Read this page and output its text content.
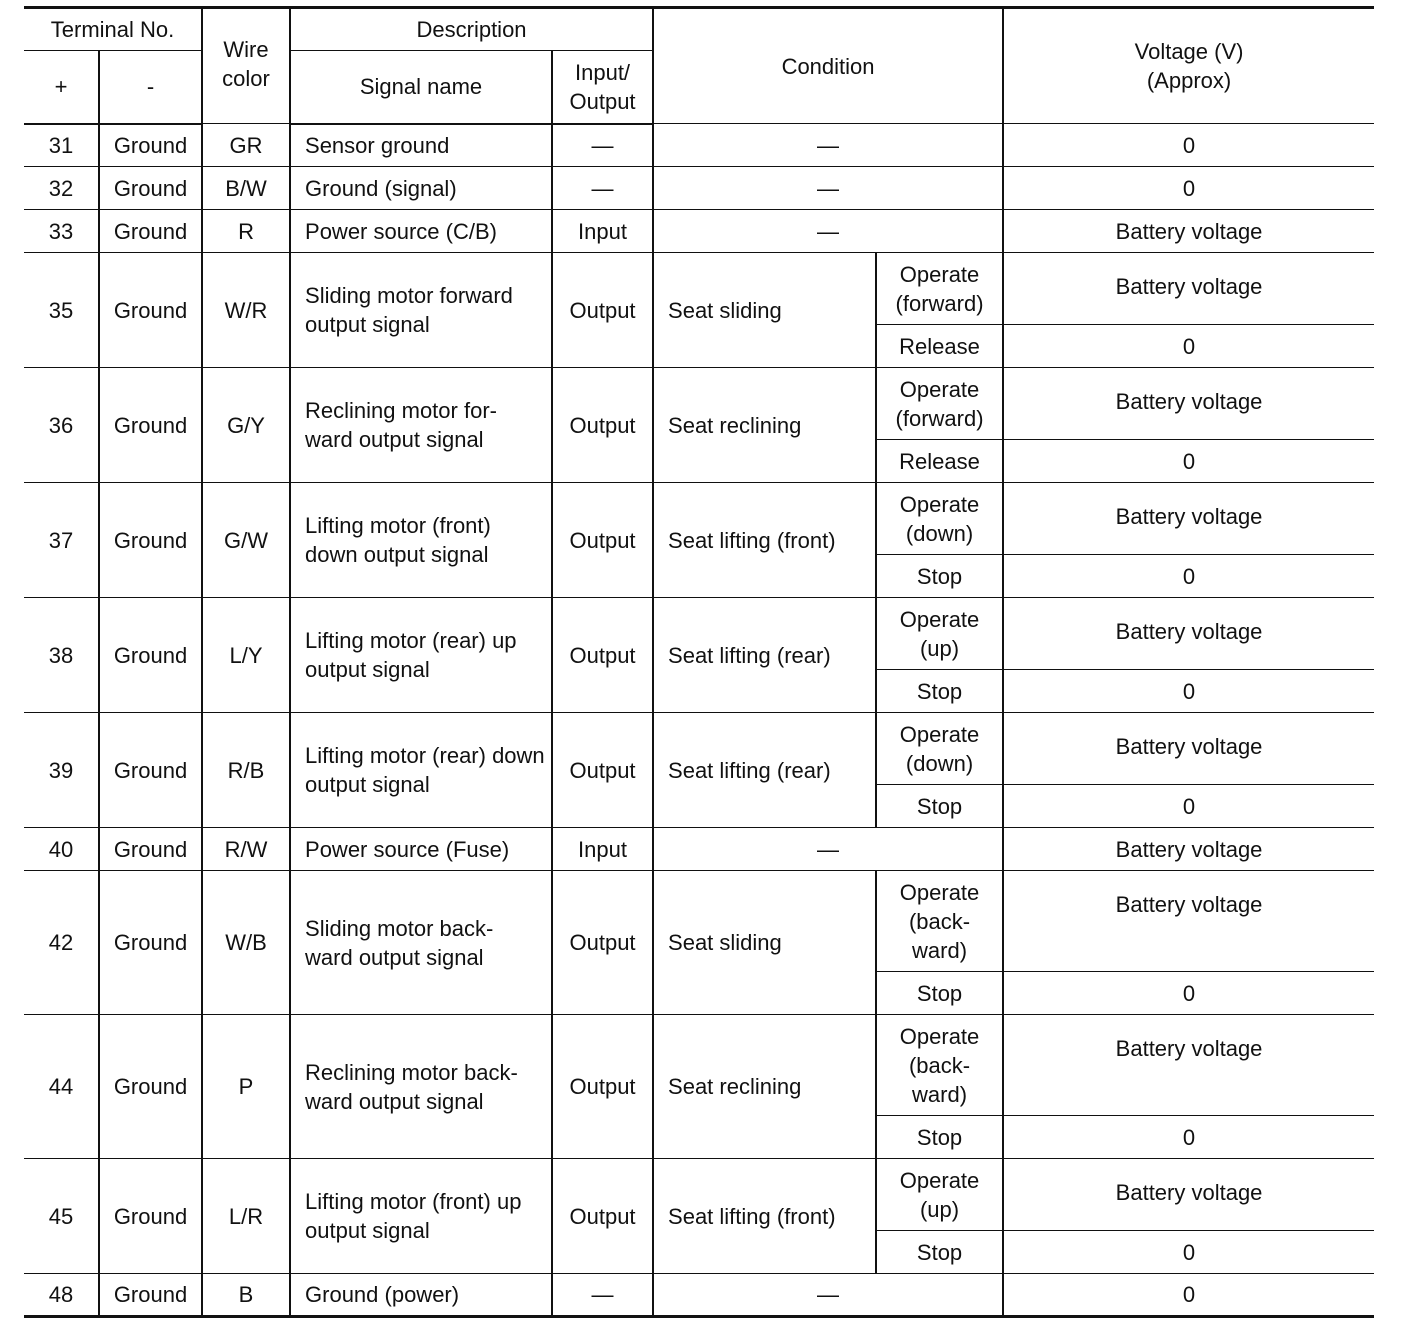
Terminal No.		Wire color	Description		Condition		Voltage (V) (Approx)
+	-		Signal name	Input/ Output			
31	Ground	GR	Sensor ground	—	—		0
32	Ground	B/W	Ground (signal)	—	—		0
33	Ground	R	Power source (C/B)	Input	—		Battery voltage
35	Ground	W/R	Sliding motor forward output signal	Output	Seat sliding	Operate (forward)	Battery voltage
						Release	0
36	Ground	G/Y	Reclining motor for- ward output signal	Output	Seat reclining	Operate (forward)	Battery voltage
						Release	0
37	Ground	G/W	Lifting motor (front) down output signal	Output	Seat lifting (front)	Operate (down)	Battery voltage
						Stop	0
38	Ground	L/Y	Lifting motor (rear) up output signal	Output	Seat lifting (rear)	Operate (up)	Battery voltage
						Stop	0
39	Ground	R/B	Lifting motor (rear) down output signal	Output	Seat lifting (rear)	Operate (down)	Battery voltage
						Stop	0
40	Ground	R/W	Power source (Fuse)	Input	—		Battery voltage
42	Ground	W/B	Sliding motor back- ward output signal	Output	Seat sliding	Operate (back- ward)	Battery voltage
						Stop	0
44	Ground	P	Reclining motor back- ward output signal	Output	Seat reclining	Operate (back- ward)	Battery voltage
						Stop	0
45	Ground	L/R	Lifting motor (front) up output signal	Output	Seat lifting (front)	Operate (up)	Battery voltage
						Stop	0
48	Ground	B	Ground (power)	—	—		0
